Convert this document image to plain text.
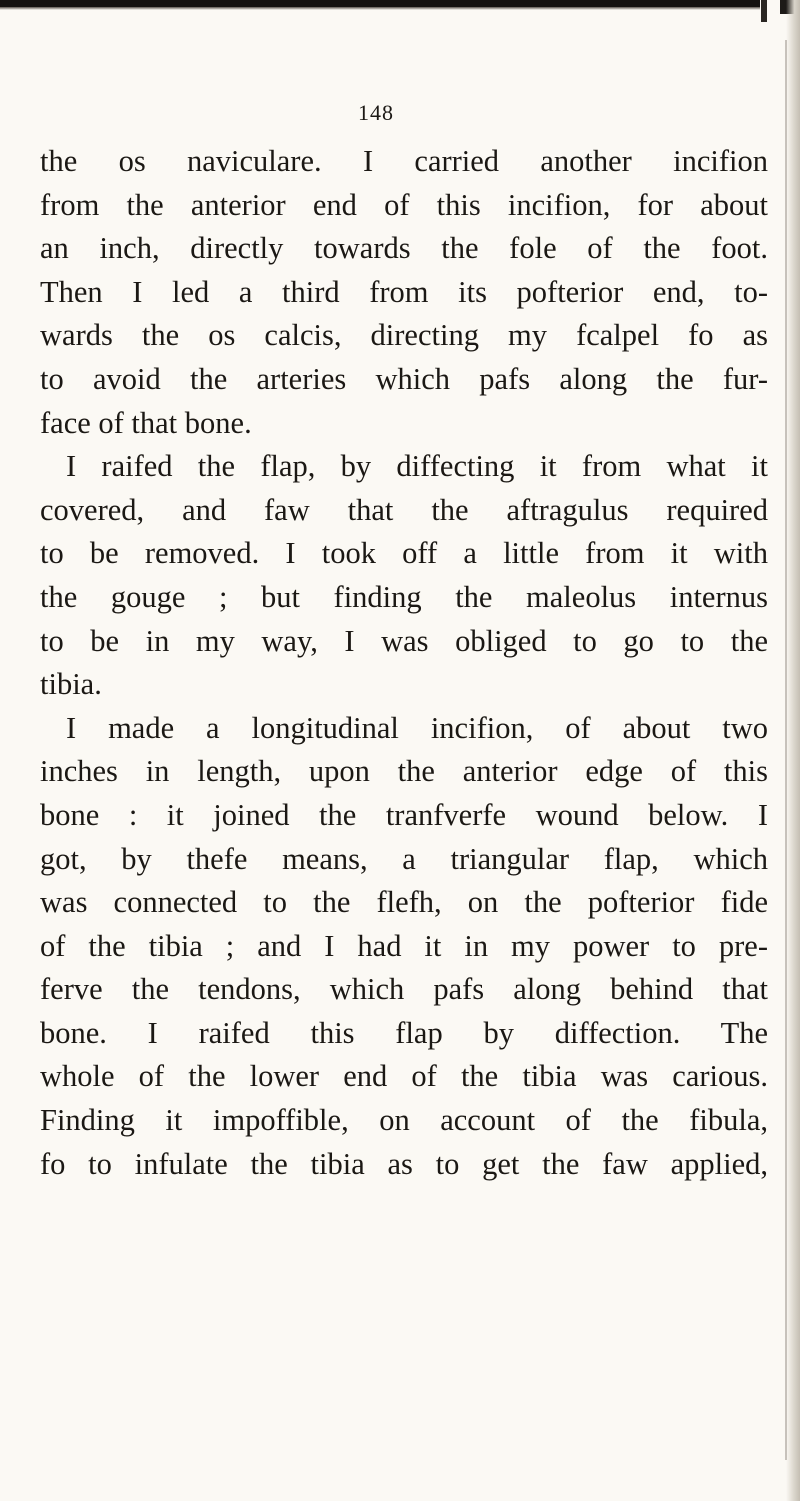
148
the os naviculare. I carried another incifion
from the anterior end of this incifion, for about
an inch, directly towards the fole of the foot.
Then I led a third from its pofterior end, to-
wards the os calcis, directing my fcalpel fo as
to avoid the arteries which pafs along the fur-
face of that bone.
I raifed the flap, by diffecting it from what it
covered, and faw that the aftragulus required
to be removed. I took off a little from it with
the gouge ; but finding the maleolus internus
to be in my way, I was obliged to go to the
tibia.
I made a longitudinal incifion, of about two
inches in length, upon the anterior edge of this
bone : it joined the tranfverfe wound below. I
got, by thefe means, a triangular flap, which
was connected to the flefh, on the pofterior fide
of the tibia ; and I had it in my power to pre-
ferve the tendons, which pafs along behind that
bone. I raifed this flap by diffection. The
whole of the lower end of the tibia was carious.
Finding it impoffible, on account of the fibula,
fo to infulate the tibia as to get the faw applied,
